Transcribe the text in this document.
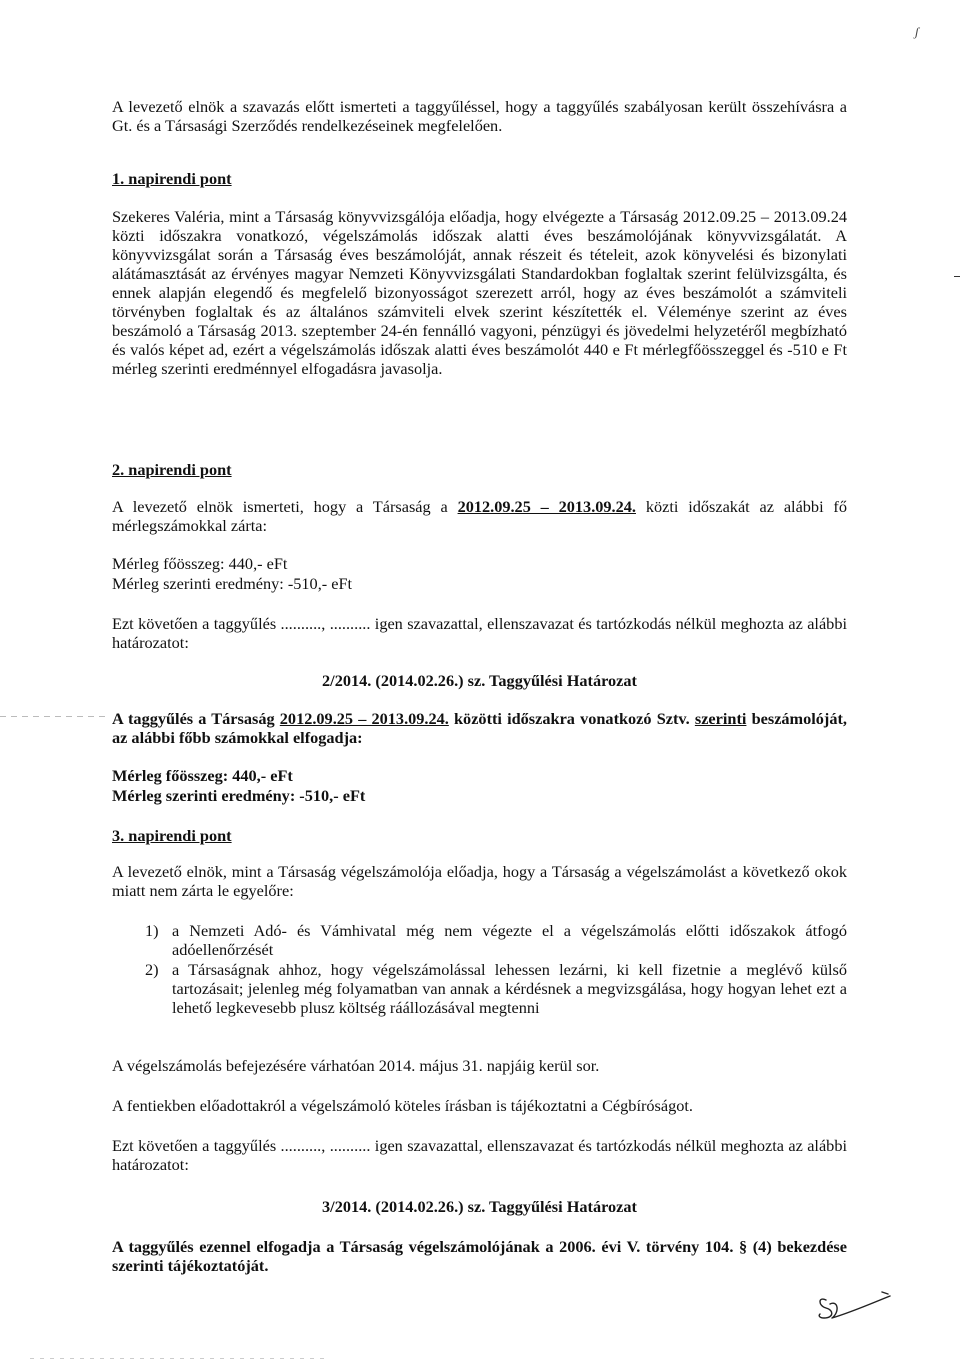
ʃ

A levezető elnök a szavazás előtt ismerteti a taggyűléssel, hogy a taggyűlés szabályosan került összehívásra a Gt. és a Társasági Szerződés rendelkezéseinek megfelelően.

1. napirendi pont

Szekeres Valéria, mint a Társaság könyvvizsgálója előadja, hogy elvégezte a Társaság 2012.09.25 – 2013.09.24 közti időszakra vonatkozó, végelszámolás időszak alatti éves beszámolójának könyvvizsgálatát. A könyvvizsgálat során a Társaság éves beszámolóját, annak részeit és tételeit, azok könyvelési és bizonylati alátámasztását az érvényes magyar Nemzeti Könyvvizsgálati Standardokban foglaltak szerint felülvizsgálta, és ennek alapján elegendő és megfelelő bizonyosságot szerezett arról, hogy az éves beszámolót a számviteli törvényben foglaltak és az általános számviteli elvek szerint készítették el. Véleménye szerint az éves beszámoló a Társaság 2013. szeptember 24-én fennálló vagyoni, pénzügyi és jövedelmi helyzetéről megbízható és valós képet ad, ezért a végelszámolás időszak alatti éves beszámolót 440 e Ft mérlegfőösszeggel és -510 e Ft mérleg szerinti eredménnyel elfogadásra javasolja.

2. napirendi pont

A levezető elnök ismerteti, hogy a Társaság a 2012.09.25 – 2013.09.24. közti időszakát az alábbi fő mérlegszámokkal zárta:

Mérleg főösszeg: 440,- eFt
Mérleg szerinti eredmény: -510,- eFt

Ezt követően a taggyűlés .........., .......... igen szavazattal, ellenszavazat és tartózkodás nélkül meghozta az alábbi határozatot:

2/2014. (2014.02.26.) sz. Taggyűlési Határozat

A taggyűlés a Társaság 2012.09.25 – 2013.09.24. közötti időszakra vonatkozó Sztv. szerinti beszámolóját, az alábbi főbb számokkal elfogadja:

Mérleg főösszeg: 440,- eFt
Mérleg szerinti eredmény: -510,- eFt
3. napirendi pont

A levezető elnök, mint a Társaság végelszámolója előadja, hogy a Társaság a végelszámolást a következő okok miatt nem zárta le egyelőre:

1) a Nemzeti Adó- és Vámhivatal még nem végezte el a végelszámolás előtti időszakok átfogó adóellenőrzését
2) a Társaságnak ahhoz, hogy végelszámolással lehessen lezárni, ki kell fizetnie a meglévő külső tartozásait; jelenleg még folyamatban van annak a kérdésnek a megvizsgálása, hogy hogyan lehet ezt a lehető legkevesebb plusz költség ráállozásával megtenni
A végelszámolás befejezésére várhatóan 2014. május 31. napjáig kerül sor.
A fentiekben előadottakról a végelszámoló köteles írásban is tájékoztatni a Cégbíróságot.

Ezt követően a taggyűlés .........., .......... igen szavazattal, ellenszavazat és tartózkodás nélkül meghozta az alábbi határozatot:

3/2014. (2014.02.26.) sz. Taggyűlési Határozat

A taggyűlés ezennel elfogadja a Társaság végelszámolójának a 2006. évi V. törvény 104. § (4) bekezdése szerinti tájékoztatóját.
